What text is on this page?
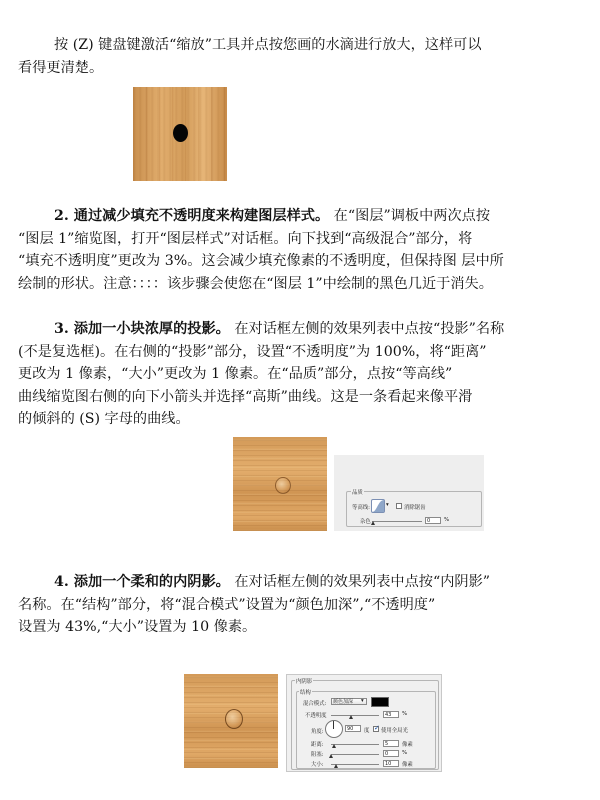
按 (Z) 键盘键激活“缩放”工具并点按您画的水滴进行放大，这样可以
看得更清楚。
2. 通过减少填充不透明度来构建图层样式。 在“图层”调板中两次点按
“图层 1”缩览图，打开“图层样式”对话框。向下找到“高级混合”部分，将
“填充不透明度”更改为 3%。这会减少填充像素的不透明度，但保持图 层中所
绘制的形状。注意：：：：该步骤会使您在“图层 1”中绘制的黑色几近于消失。
3. 添加一小块浓厚的投影。 在对话框左侧的效果列表中点按“投影”名称
(不是复选框)。在右侧的“投影”部分，设置“不透明度”为 100%，将“距离”
更改为 1 像素，“大小”更改为 1 像素。在“品质”部分，点按“等高线”
曲线缩览图右侧的向下小箭头并选择“高斯”曲线。这是一条看起来像平滑
的倾斜的 (S) 字母的曲线。
品质
等高线:	▾	消除锯齿
杂色	0	%
4. 添加一个柔和的内阴影。 在对话框左侧的效果列表中点按“内阴影”
名称。在“结构”部分，将“混合模式”设置为“颜色加深”,“不透明度”
设置为 43%,“大小”设置为 10 像素。
内阴影
结构
混合模式:	颜色加深	▾
不透明度	43	%
角度:	90	度
✓ 使用全局光
距离:	5	像素
阻塞:	0	%
大小:	10	像素
